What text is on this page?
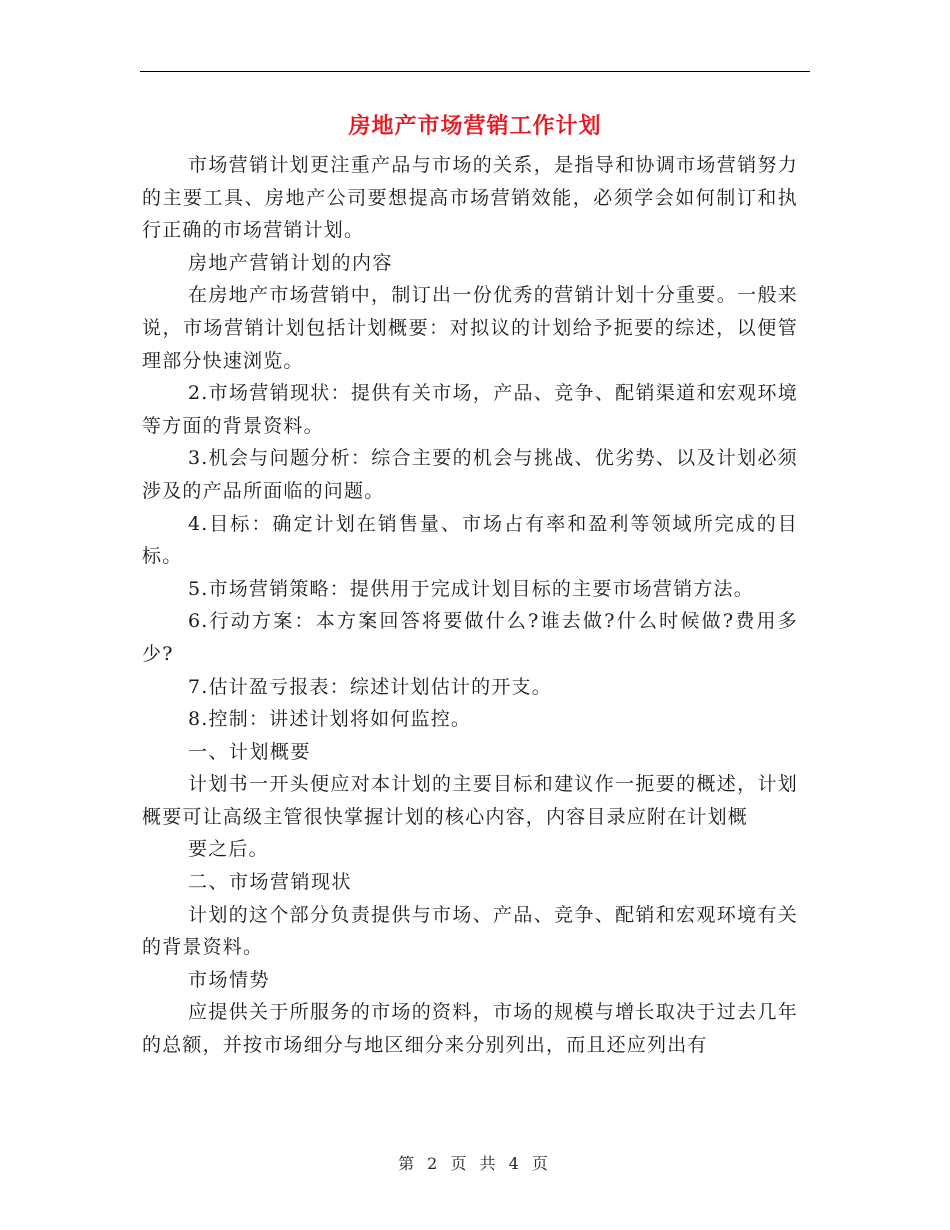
房地产市场营销工作计划

市场营销计划更注重产品与市场的关系，是指导和协调市场营销努力的主要工具、房地产公司要想提高市场营销效能，必须学会如何制订和执行正确的市场营销计划。

房地产营销计划的内容

在房地产市场营销中，制订出一份优秀的营销计划十分重要。一般来说，市场营销计划包括计划概要：对拟议的计划给予扼要的综述，以便管理部分快速浏览。

2.市场营销现状：提供有关市场，产品、竞争、配销渠道和宏观环境等方面的背景资料。

3.机会与问题分析：综合主要的机会与挑战、优劣势、以及计划必须涉及的产品所面临的问题。

4.目标：确定计划在销售量、市场占有率和盈利等领域所完成的目标。

5.市场营销策略：提供用于完成计划目标的主要市场营销方法。

6.行动方案：本方案回答将要做什么?谁去做?什么时候做?费用多少?

7.估计盈亏报表：综述计划估计的开支。

8.控制：讲述计划将如何监控。

一、计划概要

计划书一开头便应对本计划的主要目标和建议作一扼要的概述，计划概要可让高级主管很快掌握计划的核心内容，内容目录应附在计划概

要之后。

二、市场营销现状

计划的这个部分负责提供与市场、产品、竞争、配销和宏观环境有关的背景资料。

市场情势

应提供关于所服务的市场的资料，市场的规模与增长取决于过去几年的总额，并按市场细分与地区细分来分别列出，而且还应列出有

第 2 页 共 4 页
